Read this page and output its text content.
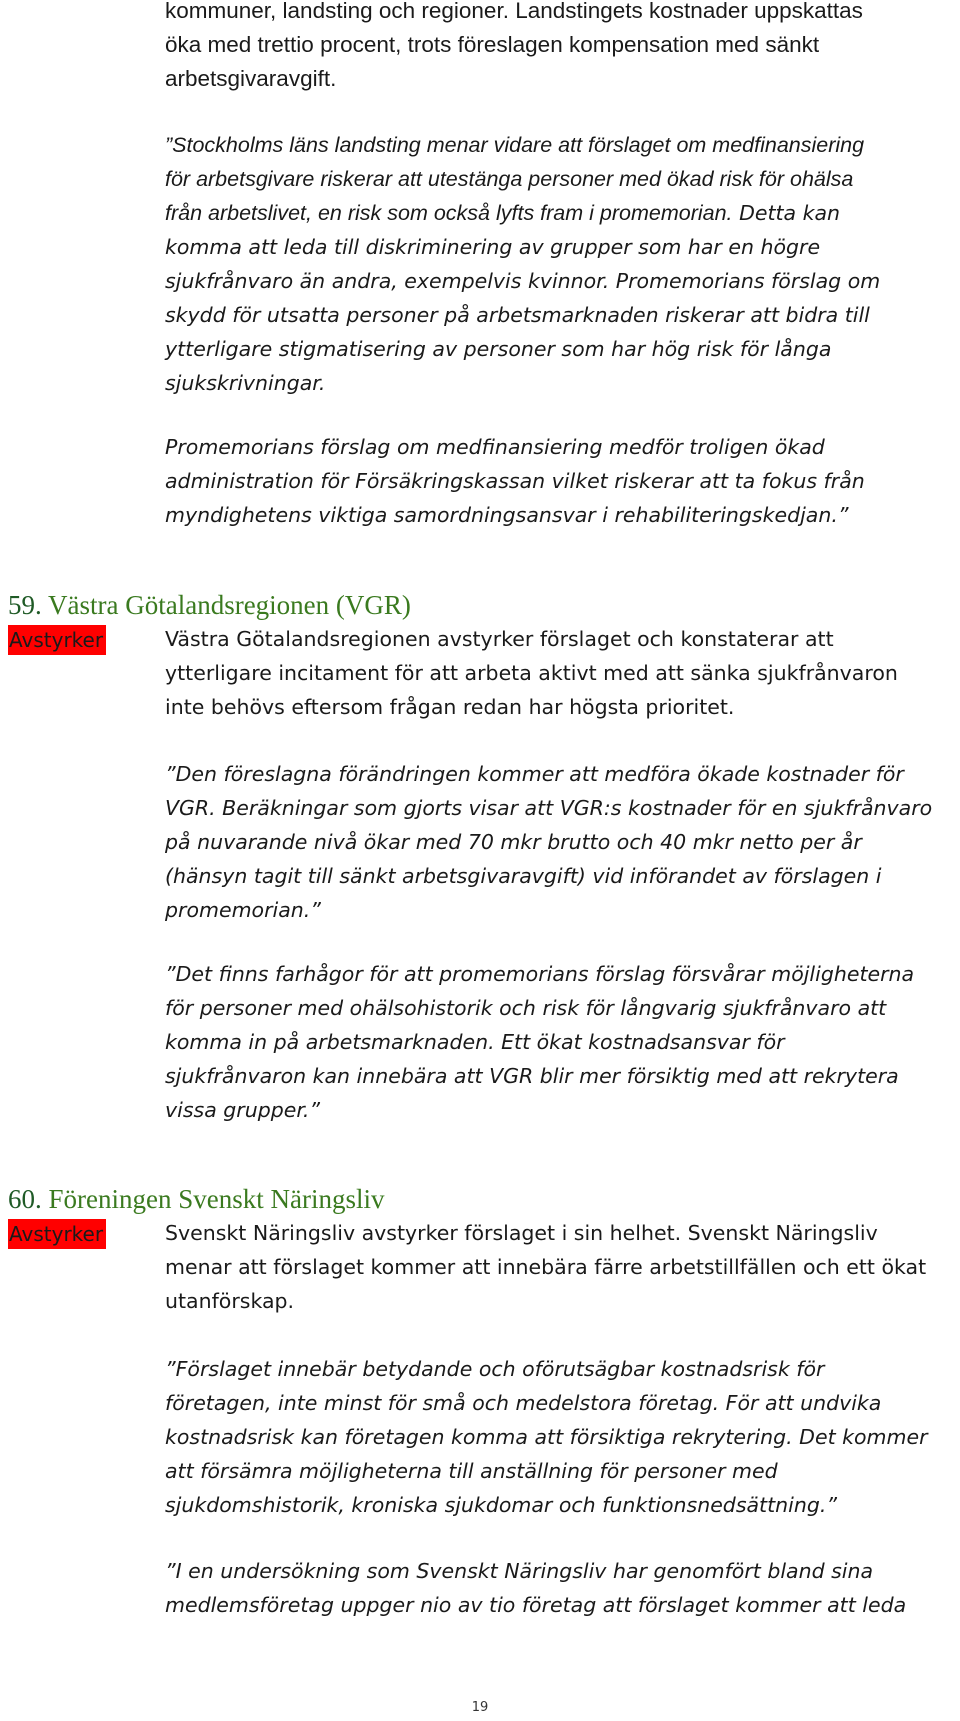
kommuner, landsting och regioner. Landstingets kostnader uppskattas
öka med trettio procent, trots föreslagen kompensation med sänkt
arbetsgivaravgift.

”Stockholms läns landsting menar vidare att förslaget om medfinansiering
för arbetsgivare riskerar att utestänga personer med ökad risk för ohälsa
från arbetslivet, en risk som också lyfts fram i promemorian. Detta kan
komma att leda till diskriminering av grupper som har en högre
sjukfrånvaro än andra, exempelvis kvinnor. Promemorians förslag om
skydd för utsatta personer på arbetsmarknaden riskerar att bidra till
ytterligare stigmatisering av personer som har hög risk för långa
sjukskrivningar.

Promemorians förslag om medfinansiering medför troligen ökad
administration för Försäkringskassan vilket riskerar att ta fokus från
myndighetens viktiga samordningsansvar i rehabiliteringskedjan.”

59. Västra Götalandsregionen (VGR)
Avstyrker	Västra Götalandsregionen avstyrker förslaget och konstaterar att
ytterligare incitament för att arbeta aktivt med att sänka sjukfrånvaron
inte behövs eftersom frågan redan har högsta prioritet.

”Den föreslagna förändringen kommer att medföra ökade kostnader för
VGR. Beräkningar som gjorts visar att VGR:s kostnader för en sjukfrånvaro
på nuvarande nivå ökar med 70 mkr brutto och 40 mkr netto per år
(hänsyn tagit till sänkt arbetsgivaravgift) vid införandet av förslagen i
promemorian.”

”Det finns farhågor för att promemorians förslag försvårar möjligheterna
för personer med ohälsohistorik och risk för långvarig sjukfrånvaro att
komma in på arbetsmarknaden. Ett ökat kostnadsansvar för
sjukfrånvaron kan innebära att VGR blir mer försiktig med att rekrytera
vissa grupper.”

60. Föreningen Svenskt Näringsliv
Avstyrker	Svenskt Näringsliv avstyrker förslaget i sin helhet. Svenskt Näringsliv
menar att förslaget kommer att innebära färre arbetstillfällen och ett ökat
utanförskap.

”Förslaget innebär betydande och oförutsägbar kostnadsrisk för
företagen, inte minst för små och medelstora företag. För att undvika
kostnadsrisk kan företagen komma att försiktiga rekrytering. Det kommer
att försämra möjligheterna till anställning för personer med
sjukdomshistorik, kroniska sjukdomar och funktionsnedsättning.”

”I en undersökning som Svenskt Näringsliv har genomfört bland sina
medlemsföretag uppger nio av tio företag att förslaget kommer att leda

19
